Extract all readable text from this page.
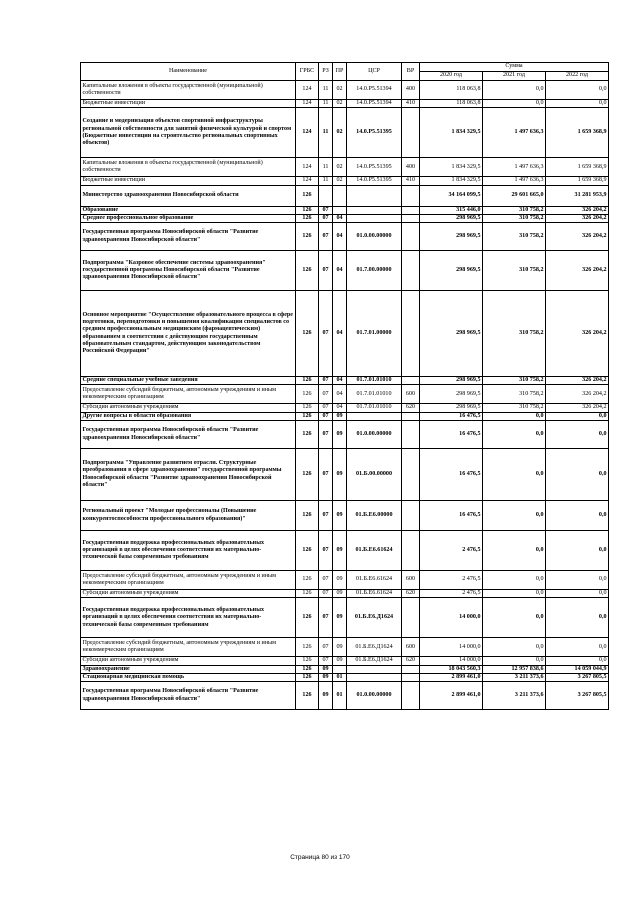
Наименование	ГРБС	РЗ	ПР	ЦСР	ВР	Сумма		
						2020 год	2021 год	2022 год
Капитальные вложения в объекты государственной (муниципальной) собственности	124	11	02	14.0.P5.51394	400	118 063,8	0,0	0,0
Бюджетные инвестиции	124	11	02	14.0.P5.51394	410	118 063,8	0,0	0,0
Создание и модернизация объектов спортивной инфраструктуры региональной собственности для занятий физической культурой и спортом (Бюджетные инвестиции на строительство региональных спортивных объектов)	124	11	02	14.0.P5.51395		1 834 329,5	1 497 636,3	1 659 368,9
Капитальные вложения в объекты государственной (муниципальной) собственности	124	11	02	14.0.P5.51395	400	1 834 329,5	1 497 636,3	1 659 368,9
Бюджетные инвестиции	124	11	02	14.0.P5.51395	410	1 834 329,5	1 497 636,3	1 659 368,9
Министерство здравоохранения Новосибирской области	126					34 164 099,5	29 601 665,0	31 281 953,9
Образование	126	07				315 446,0	310 758,2	326 204,2
Среднее профессиональное образование	126	07	04			298 969,5	310 758,2	326 204,2
Государственная программа Новосибирской области "Развитие здравоохранения Новосибирской области"	126	07	04	01.0.00.00000		298 969,5	310 758,2	326 204,2
Подпрограмма "Казровое обеспечение системы здравоохранения" государственной программы Новосибирской области "Развитие здравоохранения Новосибирской области"	126	07	04	01.7.00.00000		298 969,5	310 758,2	326 204,2
Основное мероприятие "Осуществление образовательного процесса в сфере подготовки, переподготовки и повышения квалификации специалистов со средним профессиональным медицинским (фармацевтическим) образованием в соответствии с действующим государственным образовательным стандартом, действующим законодательством Российской Федерации"	126	07	04	01.7.01.00000		298 969,5	310 758,2	326 204,2
Средние специальные учебные заведения	126	07	04	01.7.01.01010		298 969,5	310 758,2	326 204,2
Предоставление субсидий бюджетным, автономным учреждениям и иным некоммерческим организациям	126	07	04	01.7.01.01010	600	298 969,5	310 758,2	326 204,2
Субсидии автономным учреждениям	126	07	04	01.7.01.01010	620	298 969,5	310 758,2	326 204,2
Другие вопросы в области образования	126	07	09			16 476,5	0,0	0,0
Государственная программа Новосибирской области "Развитие здравоохранения Новосибирской области"	126	07	09	01.0.00.00000		16 476,5	0,0	0,0
Подпрограмма "Управление развитием отрасли. Структурные преобразования в сфере здравоохранения" государственной программы Новосибирской области "Развитие здравоохранения Новосибирской области"	126	07	09	01.Б.00.00000		16 476,5	0,0	0,0
Региональный проект "Молодые профессионалы (Повышение конкурентоспособности профессионального образования)"	126	07	09	01.Б.Е6.00000		16 476,5	0,0	0,0
Государственная поддержка профессиональных образовательных организаций в целях обеспечения соответствия их материально-технической базы современным требованиям	126	07	09	01.Б.Е6.61624		2 476,5	0,0	0,0
Предоставление субсидий бюджетным, автономным учреждениям и иным некоммерческим организациям	126	07	09	01.Б.Е6.61624	600	2 476,5	0,0	0,0
Субсидии автономным учреждениям	126	07	09	01.Б.Е6.61624	620	2 476,5	0,0	0,0
Государственная поддержка профессиональных образовательных организаций в целях обеспечения соответствия их материально-технической базы современным требованиям	126	07	09	01.Б.Е6.Д1624		14 000,0	0,0	0,0
Предоставление субсидий бюджетным, автономным учреждениям и иным некоммерческим организациям	126	07	09	01.Б.Е6.Д1624	600	14 000,0	0,0	0,0
Субсидии автономным учреждениям	126	07	09	01.Б.Е6.Д1624	620	14 000,0	0,0	0,0
Здравоохранение	126	09				18 043 560,3	12 957 838,6	14 059 044,9
Стационарная медицинская помощь	126	09	01			2 899 461,0	3 211 373,6	3 267 805,5
Государственная программа Новосибирской области "Развитие здравоохранения Новосибирской области"	126	09	01	01.0.00.00000		2 899 461,0	3 211 373,6	3 267 805,5
Страница 80 из 170
